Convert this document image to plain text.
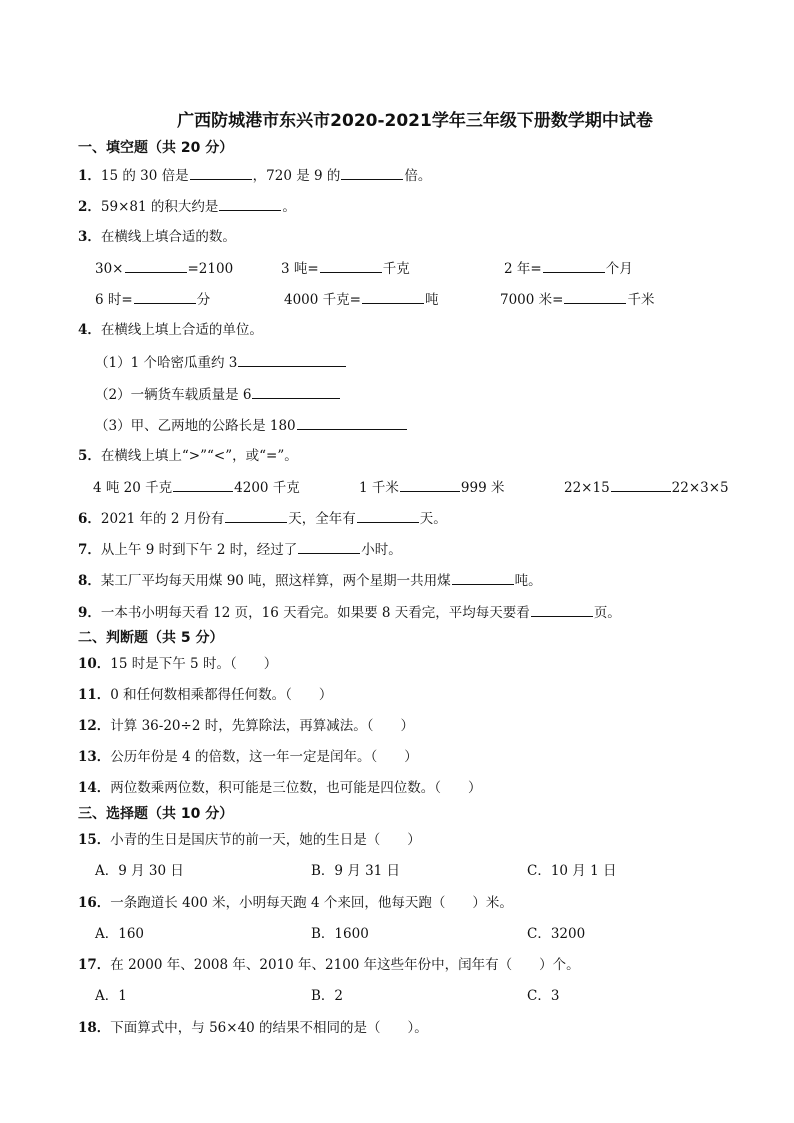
广西防城港市东兴市2020-2021学年三年级下册数学期中试卷
一、填空题（共 20 分）
1．15 的 30 倍是	，720 是 9 的	倍。
2．59×81 的积大约是	。
3．在横线上填合适的数。
30×	=2100	3 吨=	千克	2 年=	个月
6 时=	分	4000 千克=	吨	7000 米=	千米
4．在横线上填上合适的单位。
（1）1 个哈密瓜重约 3
（2）一辆货车载质量是 6
（3）甲、乙两地的公路长是 180
5．在横线上填上“>”“<”，或“=”。
4 吨 20 千克	4200 千克	1 千米	999 米	22×15	22×3×5
6．2021 年的 2 月份有	天，全年有	天。
7．从上午 9 时到下午 2 时，经过了	小时。
8．某工厂平均每天用煤 90 吨，照这样算，两个星期一共用煤	吨。
9．一本书小明每天看 12 页，16 天看完。如果要 8 天看完，平均每天要看	页。
二、判断题（共 5 分）
10．15 时是下午 5 时。（　　）
11．0 和任何数相乘都得任何数。（　　）
12．计算 36-20÷2 时，先算除法，再算减法。（　　）
13．公历年份是 4 的倍数，这一年一定是闰年。（　　）
14．两位数乘两位数，积可能是三位数，也可能是四位数。（　　）
三、选择题（共 10 分）
15．小青的生日是国庆节的前一天，她的生日是（　　）
A．9 月 30 日	B．9 月 31 日	C．10 月 1 日
16．一条跑道长 400 米，小明每天跑 4 个来回，他每天跑（　　）米。
A．160	B．1600	C．3200
17．在 2000 年、2008 年、2010 年、2100 年这些年份中，闰年有（　　）个。
A．1	B．2	C．3
18．下面算式中，与 56×40 的结果不相同的是（　　）。
